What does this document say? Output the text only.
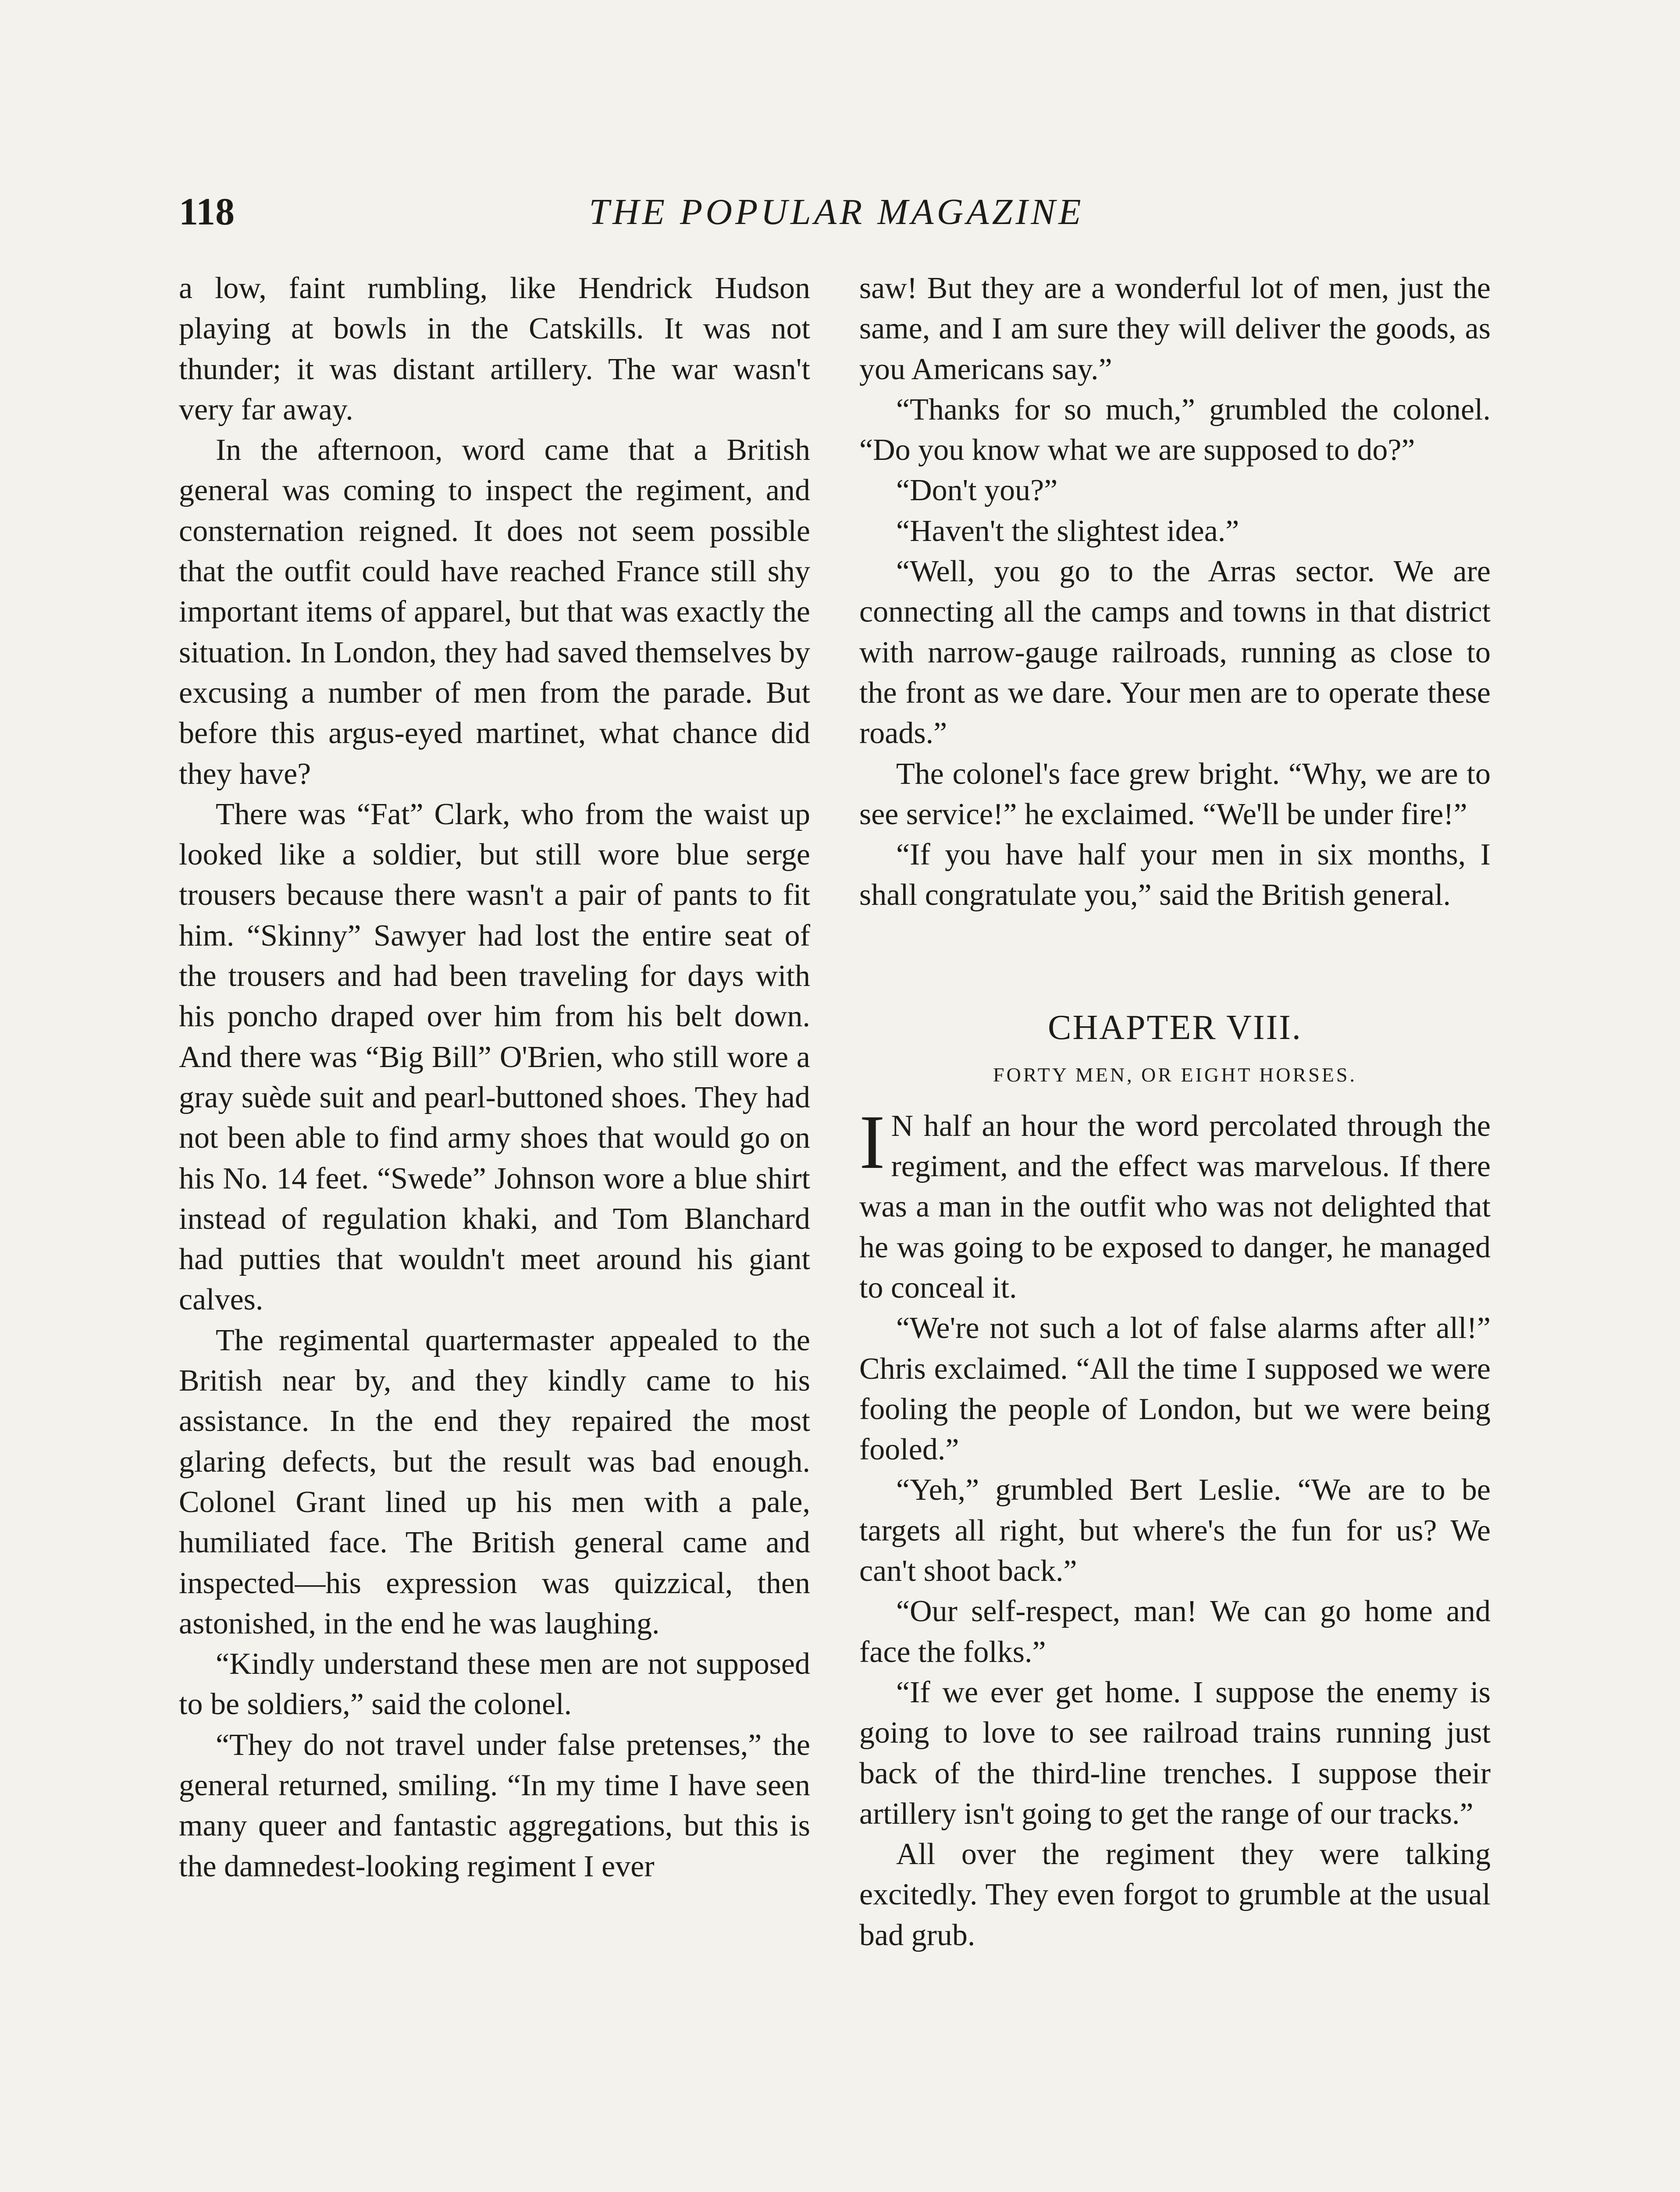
118	THE POPULAR MAGAZINE

a low, faint rumbling, like Hendrick Hudson playing at bowls in the Catskills. It was not thunder; it was distant artillery. The war wasn't very far away.

In the afternoon, word came that a British general was coming to inspect the regiment, and consternation reigned. It does not seem possible that the outfit could have reached France still shy important items of apparel, but that was exactly the situation. In London, they had saved themselves by excusing a number of men from the parade. But before this argus-eyed martinet, what chance did they have?

There was “Fat” Clark, who from the waist up looked like a soldier, but still wore blue serge trousers because there wasn't a pair of pants to fit him. “Skinny” Sawyer had lost the entire seat of the trousers and had been traveling for days with his poncho draped over him from his belt down. And there was “Big Bill” O'Brien, who still wore a gray suède suit and pearl-buttoned shoes. They had not been able to find army shoes that would go on his No. 14 feet. “Swede” Johnson wore a blue shirt instead of regulation khaki, and Tom Blanchard had putties that wouldn't meet around his giant calves.

The regimental quartermaster appealed to the British near by, and they kindly came to his assistance. In the end they repaired the most glaring defects, but the result was bad enough. Colonel Grant lined up his men with a pale, humiliated face. The British general came and inspected—his expression was quizzical, then astonished, in the end he was laughing.

“Kindly understand these men are not supposed to be soldiers,” said the colonel.

“They do not travel under false pretenses,” the general returned, smiling. “In my time I have seen many queer and fantastic aggregations, but this is the damnedest-looking regiment I ever

saw! But they are a wonderful lot of men, just the same, and I am sure they will deliver the goods, as you Americans say.”

“Thanks for so much,” grumbled the colonel. “Do you know what we are supposed to do?”

“Don't you?”

“Haven't the slightest idea.”

“Well, you go to the Arras sector. We are connecting all the camps and towns in that district with narrow-gauge railroads, running as close to the front as we dare. Your men are to operate these roads.”

The colonel's face grew bright. “Why, we are to see service!” he exclaimed. “We'll be under fire!”

“If you have half your men in six months, I shall congratulate you,” said the British general.

CHAPTER VIII.
FORTY MEN, OR EIGHT HORSES.

I N half an hour the word percolated through the regiment, and the effect was marvelous. If there was a man in the outfit who was not delighted that he was going to be exposed to danger, he managed to conceal it.

“We're not such a lot of false alarms after all!” Chris exclaimed. “All the time I supposed we were fooling the people of London, but we were being fooled.”

“Yeh,” grumbled Bert Leslie. “We are to be targets all right, but where's the fun for us? We can't shoot back.”

“Our self-respect, man! We can go home and face the folks.”

“If we ever get home. I suppose the enemy is going to love to see railroad trains running just back of the third-line trenches. I suppose their artillery isn't going to get the range of our tracks.”

All over the regiment they were talking excitedly. They even forgot to grumble at the usual bad grub.
